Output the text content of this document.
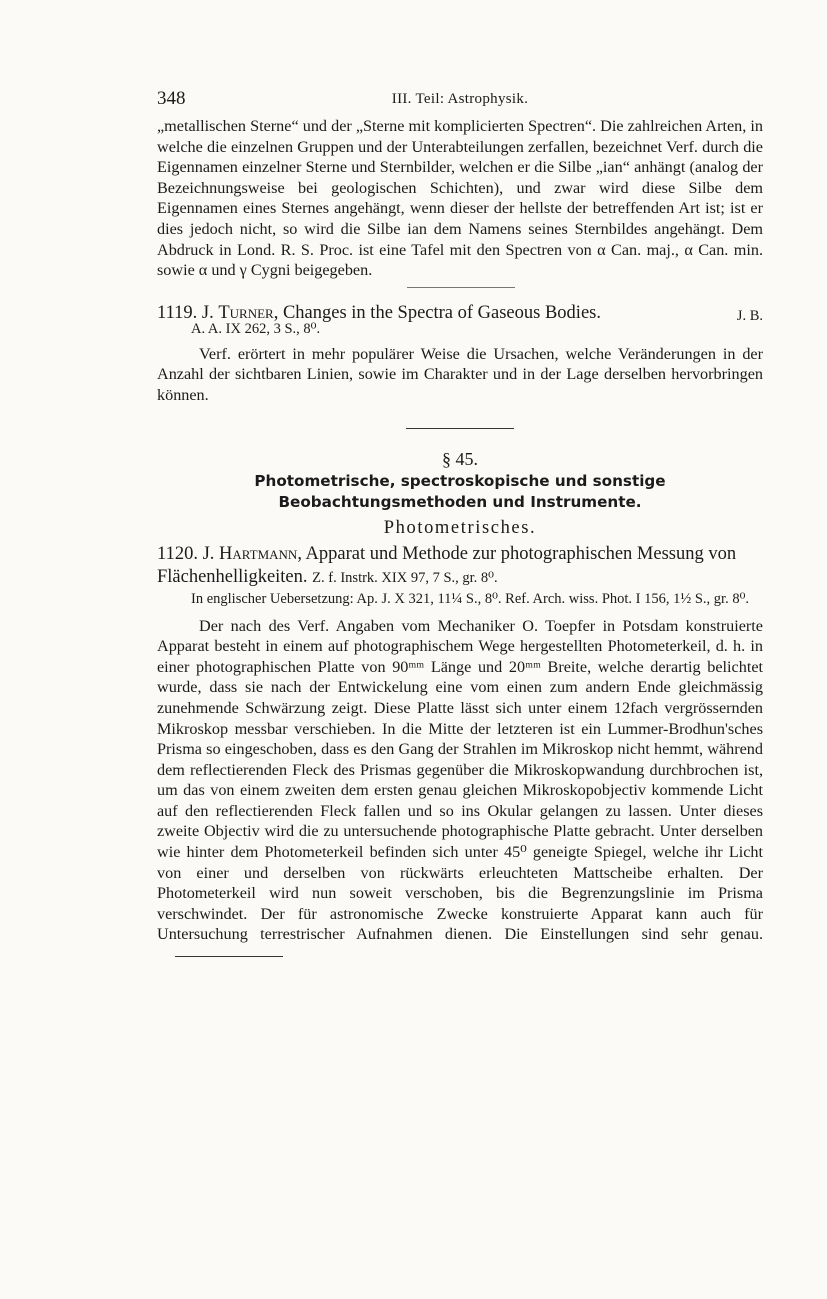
348	III. Teil: Astrophysik.

„metallischen Sterne“ und der „Sterne mit komplicierten Spectren“. Die zahlreichen Arten, in welche die einzelnen Gruppen und der Unterabteilungen zerfallen, bezeichnet Verf. durch die Eigennamen einzelner Sterne und Sternbilder, welchen er die Silbe „ian“ anhängt (analog der Bezeichnungsweise bei geologischen Schichten), und zwar wird diese Silbe dem Eigennamen eines Sternes angehängt, wenn dieser der hellste der betreffenden Art ist; ist er dies jedoch nicht, so wird die Silbe ian dem Namens seines Sternbildes angehängt. Dem Abdruck in Lond. R. S. Proc. ist eine Tafel mit den Spectren von α Can. maj., α Can. min. sowie α und γ Cygni beigegeben.

1119. J. Turner, Changes in the Spectra of Gaseous Bodies.	J. B.

A. A. IX 262, 3 S., 8⁰.

Verf. erörtert in mehr populärer Weise die Ursachen, welche Veränderungen in der Anzahl der sichtbaren Linien, sowie im Charakter und in der Lage derselben hervorbringen können.

§ 45.
Photometrische, spectroskopische und sonstige Beobachtungsmethoden und Instrumente.
Photometrisches.

1120. J. Hartmann, Apparat und Methode zur photographischen Messung von Flächenhelligkeiten. Z. f. Instrk. XIX 97, 7 S., gr. 8⁰.

In englischer Uebersetzung: Ap. J. X 321, 11¼ S., 8⁰. Ref. Arch. wiss. Phot. I 156, 1½ S., gr. 8⁰.

Der nach des Verf. Angaben vom Mechaniker O. Toepfer in Potsdam konstruierte Apparat besteht in einem auf photographischem Wege hergestellten Photometerkeil, d. h. in einer photographischen Platte von 90ᵐᵐ Länge und 20ᵐᵐ Breite, welche derartig belichtet wurde, dass sie nach der Entwickelung eine vom einen zum andern Ende gleichmässig zunehmende Schwärzung zeigt. Diese Platte lässt sich unter einem 12fach vergrössernden Mikroskop messbar verschieben. In die Mitte der letzteren ist ein Lummer-Brodhun'sches Prisma so eingeschoben, dass es den Gang der Strahlen im Mikroskop nicht hemmt, während dem reflectierenden Fleck des Prismas gegenüber die Mikroskopwandung durchbrochen ist, um das von einem zweiten dem ersten genau gleichen Mikroskopobjectiv kommende Licht auf den reflectierenden Fleck fallen und so ins Okular gelangen zu lassen. Unter dieses zweite Objectiv wird die zu untersuchende photographische Platte gebracht. Unter derselben wie hinter dem Photometerkeil befinden sich unter 45⁰ geneigte Spiegel, welche ihr Licht von einer und derselben von rückwärts erleuchteten Mattscheibe erhalten. Der Photometerkeil wird nun soweit verschoben, bis die Begrenzungslinie im Prisma verschwindet. Der für astronomische Zwecke konstruierte Apparat kann auch für Untersuchung terrestrischer Aufnahmen dienen. Die Einstellungen sind sehr genau.
